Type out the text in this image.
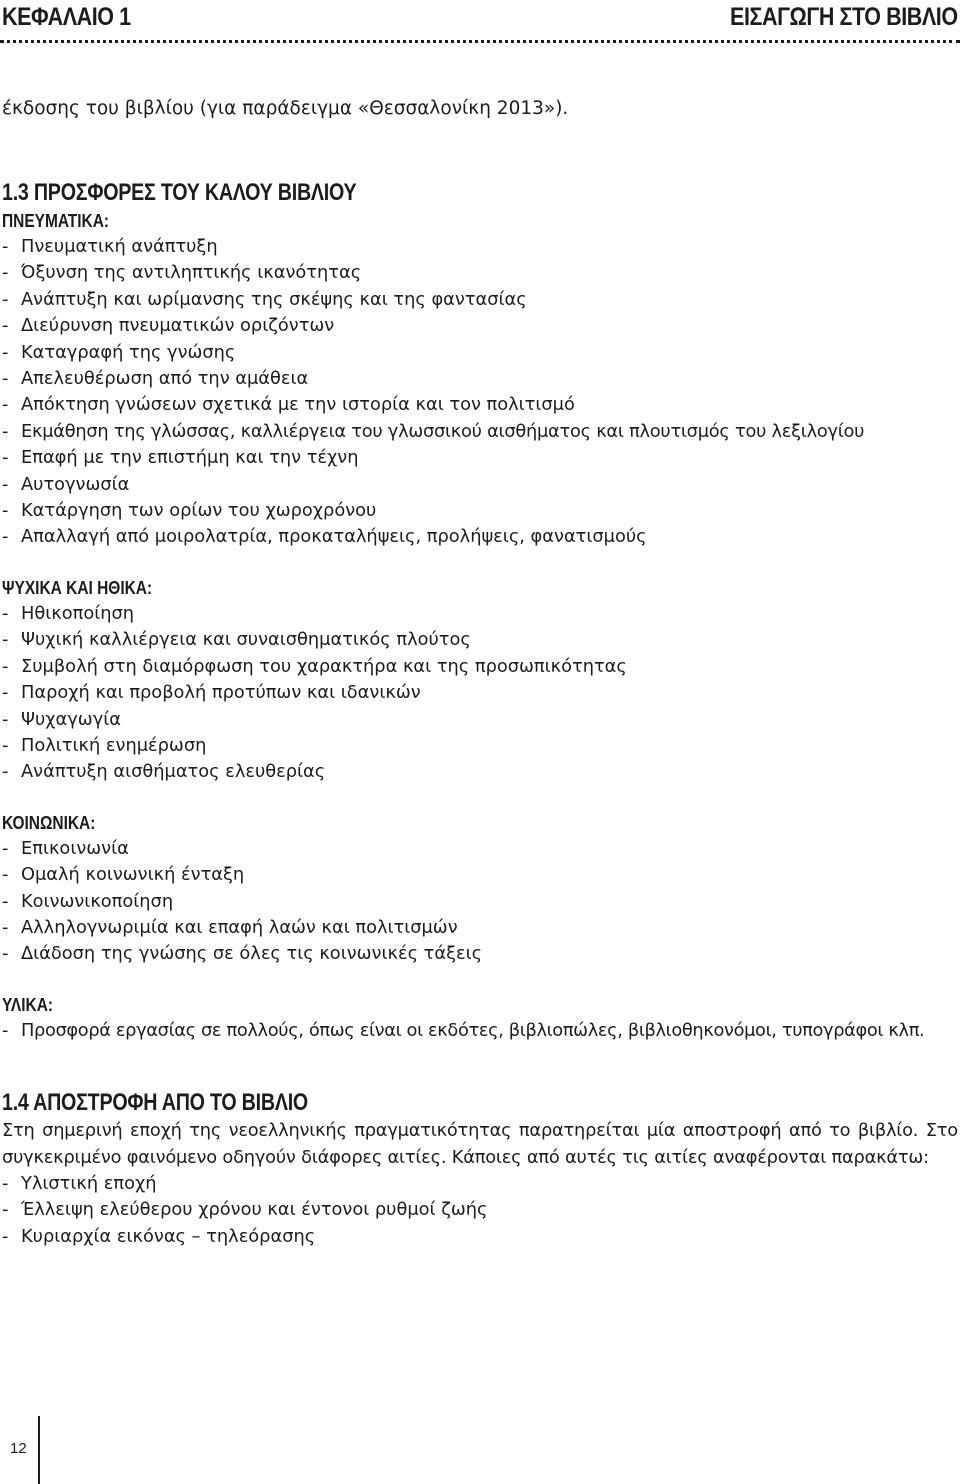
ΚΕΦΑΛΑΙΟ 1	ΕΙΣΑΓΩΓΗ ΣΤΟ ΒΙΒΛΙΟ
έκδοσης του βιβλίου (για παράδειγμα «Θεσσαλονίκη 2013»).
1.3 ΠΡΟΣΦΟΡΕΣ ΤΟΥ ΚΑΛΟΥ ΒΙΒΛΙΟΥ
ΠΝΕΥΜΑΤΙΚΑ:
- Πνευματική ανάπτυξη
- Όξυνση της αντιληπτικής ικανότητας
- Ανάπτυξη και ωρίμανσης της σκέψης και της φαντασίας
- Διεύρυνση πνευματικών οριζόντων
- Καταγραφή της γνώσης
- Απελευθέρωση από την αμάθεια
- Απόκτηση γνώσεων σχετικά με την ιστορία και τον πολιτισμό
- Εκμάθηση της γλώσσας, καλλιέργεια του γλωσσικού αισθήματος και πλουτισμός του λεξιλογίου
- Επαφή με την επιστήμη και την τέχνη
- Αυτογνωσία
- Κατάργηση των ορίων του χωροχρόνου
- Απαλλαγή από μοιρολατρία, προκαταλήψεις, προλήψεις, φανατισμούς
ΨΥΧΙΚΑ ΚΑΙ ΗΘΙΚΑ:
- Ηθικοποίηση
- Ψυχική καλλιέργεια και συναισθηματικός πλούτος
- Συμβολή στη διαμόρφωση του χαρακτήρα και της προσωπικότητας
- Παροχή και προβολή προτύπων και ιδανικών
- Ψυχαγωγία
- Πολιτική ενημέρωση
- Ανάπτυξη αισθήματος ελευθερίας
ΚΟΙΝΩΝΙΚΑ:
- Επικοινωνία
- Ομαλή κοινωνική ένταξη
- Κοινωνικοποίηση
- Αλληλογνωριμία και επαφή λαών και πολιτισμών
- Διάδοση της γνώσης σε όλες τις κοινωνικές τάξεις
ΥΛΙΚΑ:
- Προσφορά εργασίας σε πολλούς, όπως είναι οι εκδότες, βιβλιοπώλες, βιβλιοθηκονόμοι, τυπογράφοι κλπ.
1.4 ΑΠΟΣΤΡΟΦΗ ΑΠΟ ΤΟ ΒΙΒΛΙΟ

Στη σημερινή εποχή της νεοελληνικής πραγματικότητας παρατηρείται μία αποστροφή από το βιβλίο. Στο συγκεκριμένο φαινόμενο οδηγούν διάφορες αιτίες. Κάποιες από αυτές τις αιτίες αναφέρονται παρακάτω:

- Υλιστική εποχή
- Έλλειψη ελεύθερου χρόνου και έντονοι ρυθμοί ζωής
- Κυριαρχία εικόνας – τηλεόρασης
12
